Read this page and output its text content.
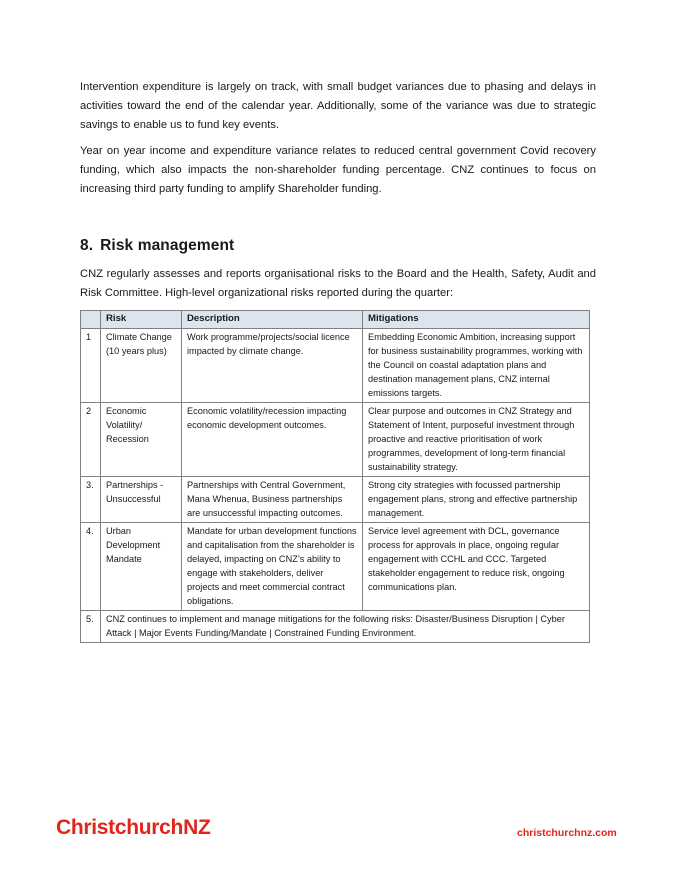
Intervention expenditure is largely on track, with small budget variances due to phasing and delays in activities toward the end of the calendar year. Additionally, some of the variance was due to strategic savings to enable us to fund key events.

Year on year income and expenditure variance relates to reduced central government Covid recovery funding, which also impacts the non-shareholder funding percentage. CNZ continues to focus on increasing third party funding to amplify Shareholder funding.

8. Risk management

CNZ regularly assesses and reports organisational risks to the Board and the Health, Safety, Audit and Risk Committee. High-level organizational risks reported during the quarter:

	Risk	Description	Mitigations
1	Climate Change (10 years plus)	Work programme/projects/social licence impacted by climate change.	Embedding Economic Ambition, increasing support for business sustainability programmes, working with the Council on coastal adaptation plans and destination management plans, CNZ internal emissions targets.
2	Economic Volatility/ Recession	Economic volatility/recession impacting economic development outcomes.	Clear purpose and outcomes in CNZ Strategy and Statement of Intent, purposeful investment through proactive and reactive prioritisation of work programmes, development of long-term financial sustainability strategy.
3.	Partnerships - Unsuccessful	Partnerships with Central Government, Mana Whenua, Business partnerships are unsuccessful impacting outcomes.	Strong city strategies with focussed partnership engagement plans, strong and effective partnership management.
4.	Urban Development Mandate	Mandate for urban development functions and capitalisation from the shareholder is delayed, impacting on CNZ’s ability to engage with stakeholders, deliver projects and meet commercial contract obligations.	Service level agreement with DCL, governance process for approvals in place, ongoing regular engagement with CCHL and CCC. Targeted stakeholder engagement to reduce risk, ongoing communications plan.
5.	CNZ continues to implement and manage mitigations for the following risks: Disaster/Business Disruption | Cyber Attack | Major Events Funding/Mandate | Constrained Funding Environment.		
ChristchurchNZ	christchurchnz.com
